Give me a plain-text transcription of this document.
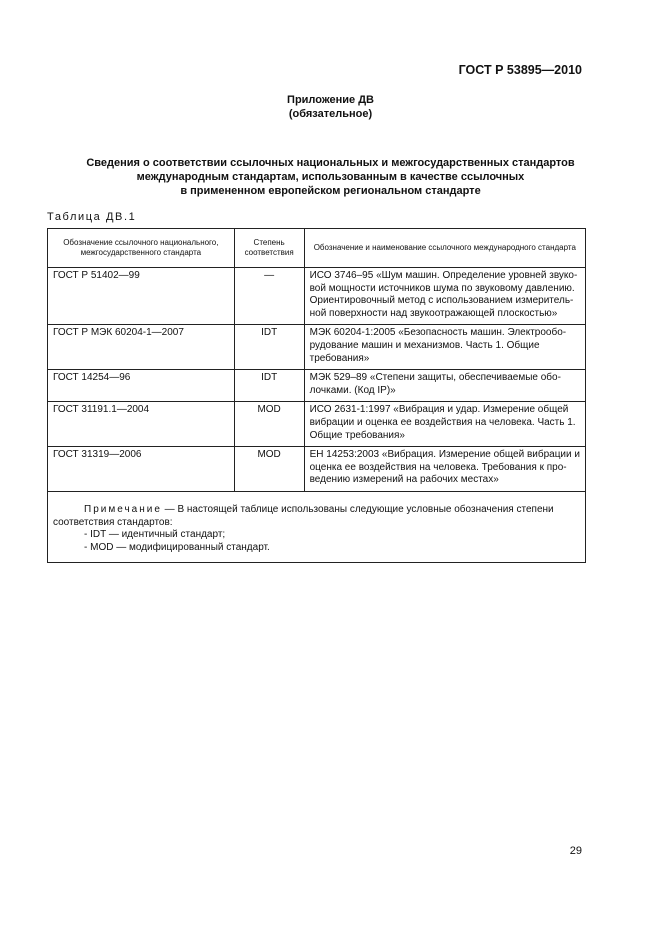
ГОСТ Р 53895—2010
Приложение ДВ
(обязательное)
Сведения о соответствии ссылочных национальных и межгосударственных стандартов
международным стандартам, использованным в качестве ссылочных
в примененном европейском региональном стандарте
Таблица ДВ.1
Обозначение ссылочного национального, межгосударственного стандарта	Степень соответствия	Обозначение и наименование ссылочного международного стандарта
ГОСТ Р 51402—99	—	ИСО 3746–95 «Шум машин. Определение уровней звуковой мощности источников шума по звуковому давлению. Ориентировочный метод с использованием измерительной поверхности над звукоотражающей плоскостью»
ГОСТ Р МЭК 60204-1—2007	IDT	МЭК 60204-1:2005 «Безопасность машин. Электрооборудование машин и механизмов. Часть 1. Общие требования»
ГОСТ 14254—96	IDT	МЭК 529–89 «Степени защиты, обеспечиваемые оболочками. (Код IP)»
ГОСТ 31191.1—2004	MOD	ИСО 2631-1:1997 «Вибрация и удар. Измерение общей вибрации и оценка ее воздействия на человека. Часть 1. Общие требования»
ГОСТ 31319—2006	MOD	ЕН 14253:2003 «Вибрация. Измерение общей вибрации и оценка ее воздействия на человека. Требования к проведению измерений на рабочих местах»

Примечание — В настоящей таблице использованы следующие условные обозначения степени соответствия стандартов:
- IDT — идентичный стандарт;
- MOD — модифицированный стандарт.		
29
